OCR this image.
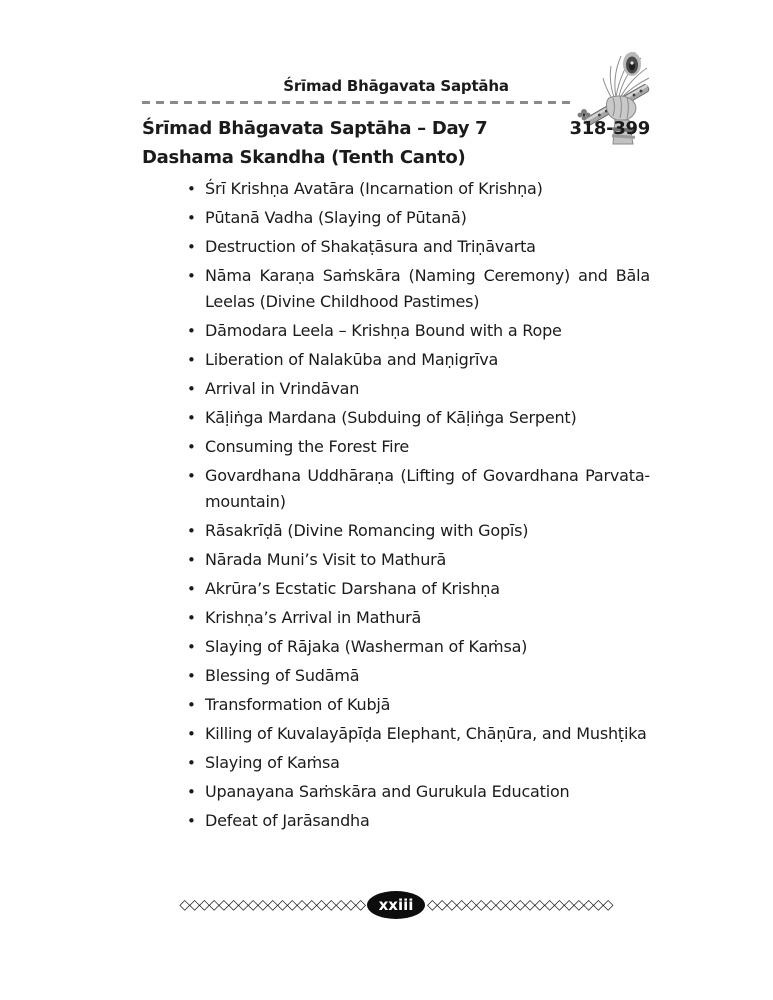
Śrīmad Bhāgavata Saptāha
Śrīmad Bhāgavata Saptāha – Day 7	318-399
Dashama Skandha (Tenth Canto)
• Śrī Krishṇa Avatāra (Incarnation of Krishṇa)
• Pūtanā Vadha (Slaying of Pūtanā)
• Destruction of Shakaṭāsura and Triṇāvarta
• Nāma Karaṇa Saṁskāra (Naming Ceremony) and Bāla Leelas (Divine Childhood Pastimes)
• Dāmodara Leela – Krishṇa Bound with a Rope
• Liberation of Nalakūba and Maṇigrīva
• Arrival in Vrindāvan
• Kāḷiṅga Mardana (Subduing of Kāḷiṅga Serpent)
• Consuming the Forest Fire
• Govardhana Uddhāraṇa (Lifting of Govardhana Parvata-mountain)
• Rāsakrīḍā (Divine Romancing with Gopīs)
• Nārada Muni’s Visit to Mathurā
• Akrūra’s Ecstatic Darshana of Krishṇa
• Krishṇa’s Arrival in Mathurā
• Slaying of Rājaka (Washerman of Kaṁsa)
• Blessing of Sudāmā
• Transformation of Kubjā
• Killing of Kuvalayāpīḍa Elephant, Chāṇūra, and Mushṭika
• Slaying of Kaṁsa
• Upanayana Saṁskāra and Gurukula Education
• Defeat of Jarāsandha
◇◇◇◇◇◇◇◇◇◇◇◇◇◇◇◇◇◇◇ xxiii ◇◇◇◇◇◇◇◇◇◇◇◇◇◇◇◇◇◇◇
